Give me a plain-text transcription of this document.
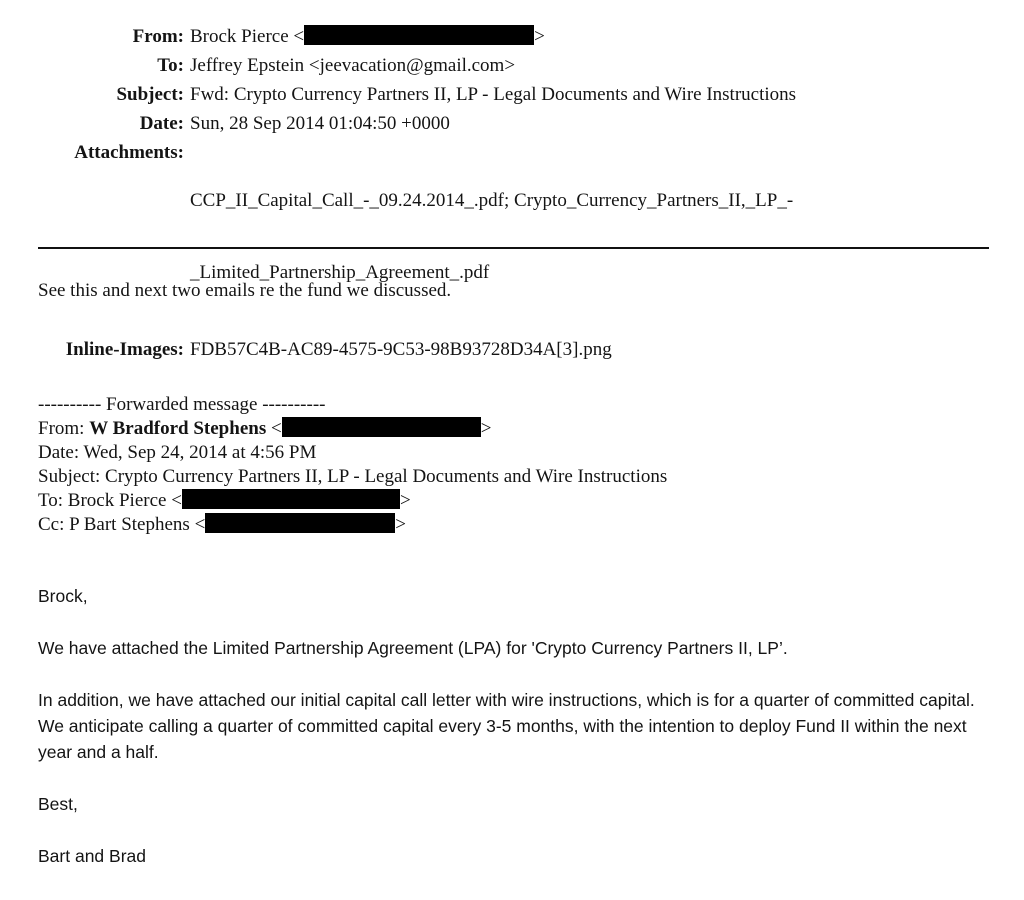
From: Brock Pierce <	>
To: Jeffrey Epstein <jeevacation@gmail.com>
Subject: Fwd: Crypto Currency Partners II, LP - Legal Documents and Wire Instructions
Date: Sun, 28 Sep 2014 01:04:50 +0000
Attachments:

CCP_II_Capital_Call_-_09.24.2014_.pdf; Crypto_Currency_Partners_II,_LP_-

_Limited_Partnership_Agreement_.pdf

Inline-Images: FDB57C4B-AC89-4575-9C53-98B93728D34A[3].png
See this and next two emails re the fund we discussed.
---------- Forwarded message ----------
From: W Bradford Stephens <	>
Date: Wed, Sep 24, 2014 at 4:56 PM
Subject: Crypto Currency Partners II, LP - Legal Documents and Wire Instructions
To: Brock Pierce <	>
Cc: P Bart Stephens <	>

Brock,

We have attached the Limited Partnership Agreement (LPA) for 'Crypto Currency Partners II, LP’.

In addition, we have attached our initial capital call letter with wire instructions, which is for a quarter of committed capital. We anticipate calling a quarter of committed capital every 3-5 months, with the intention to deploy Fund II within the next year and a half.

Best,

Bart and Brad
